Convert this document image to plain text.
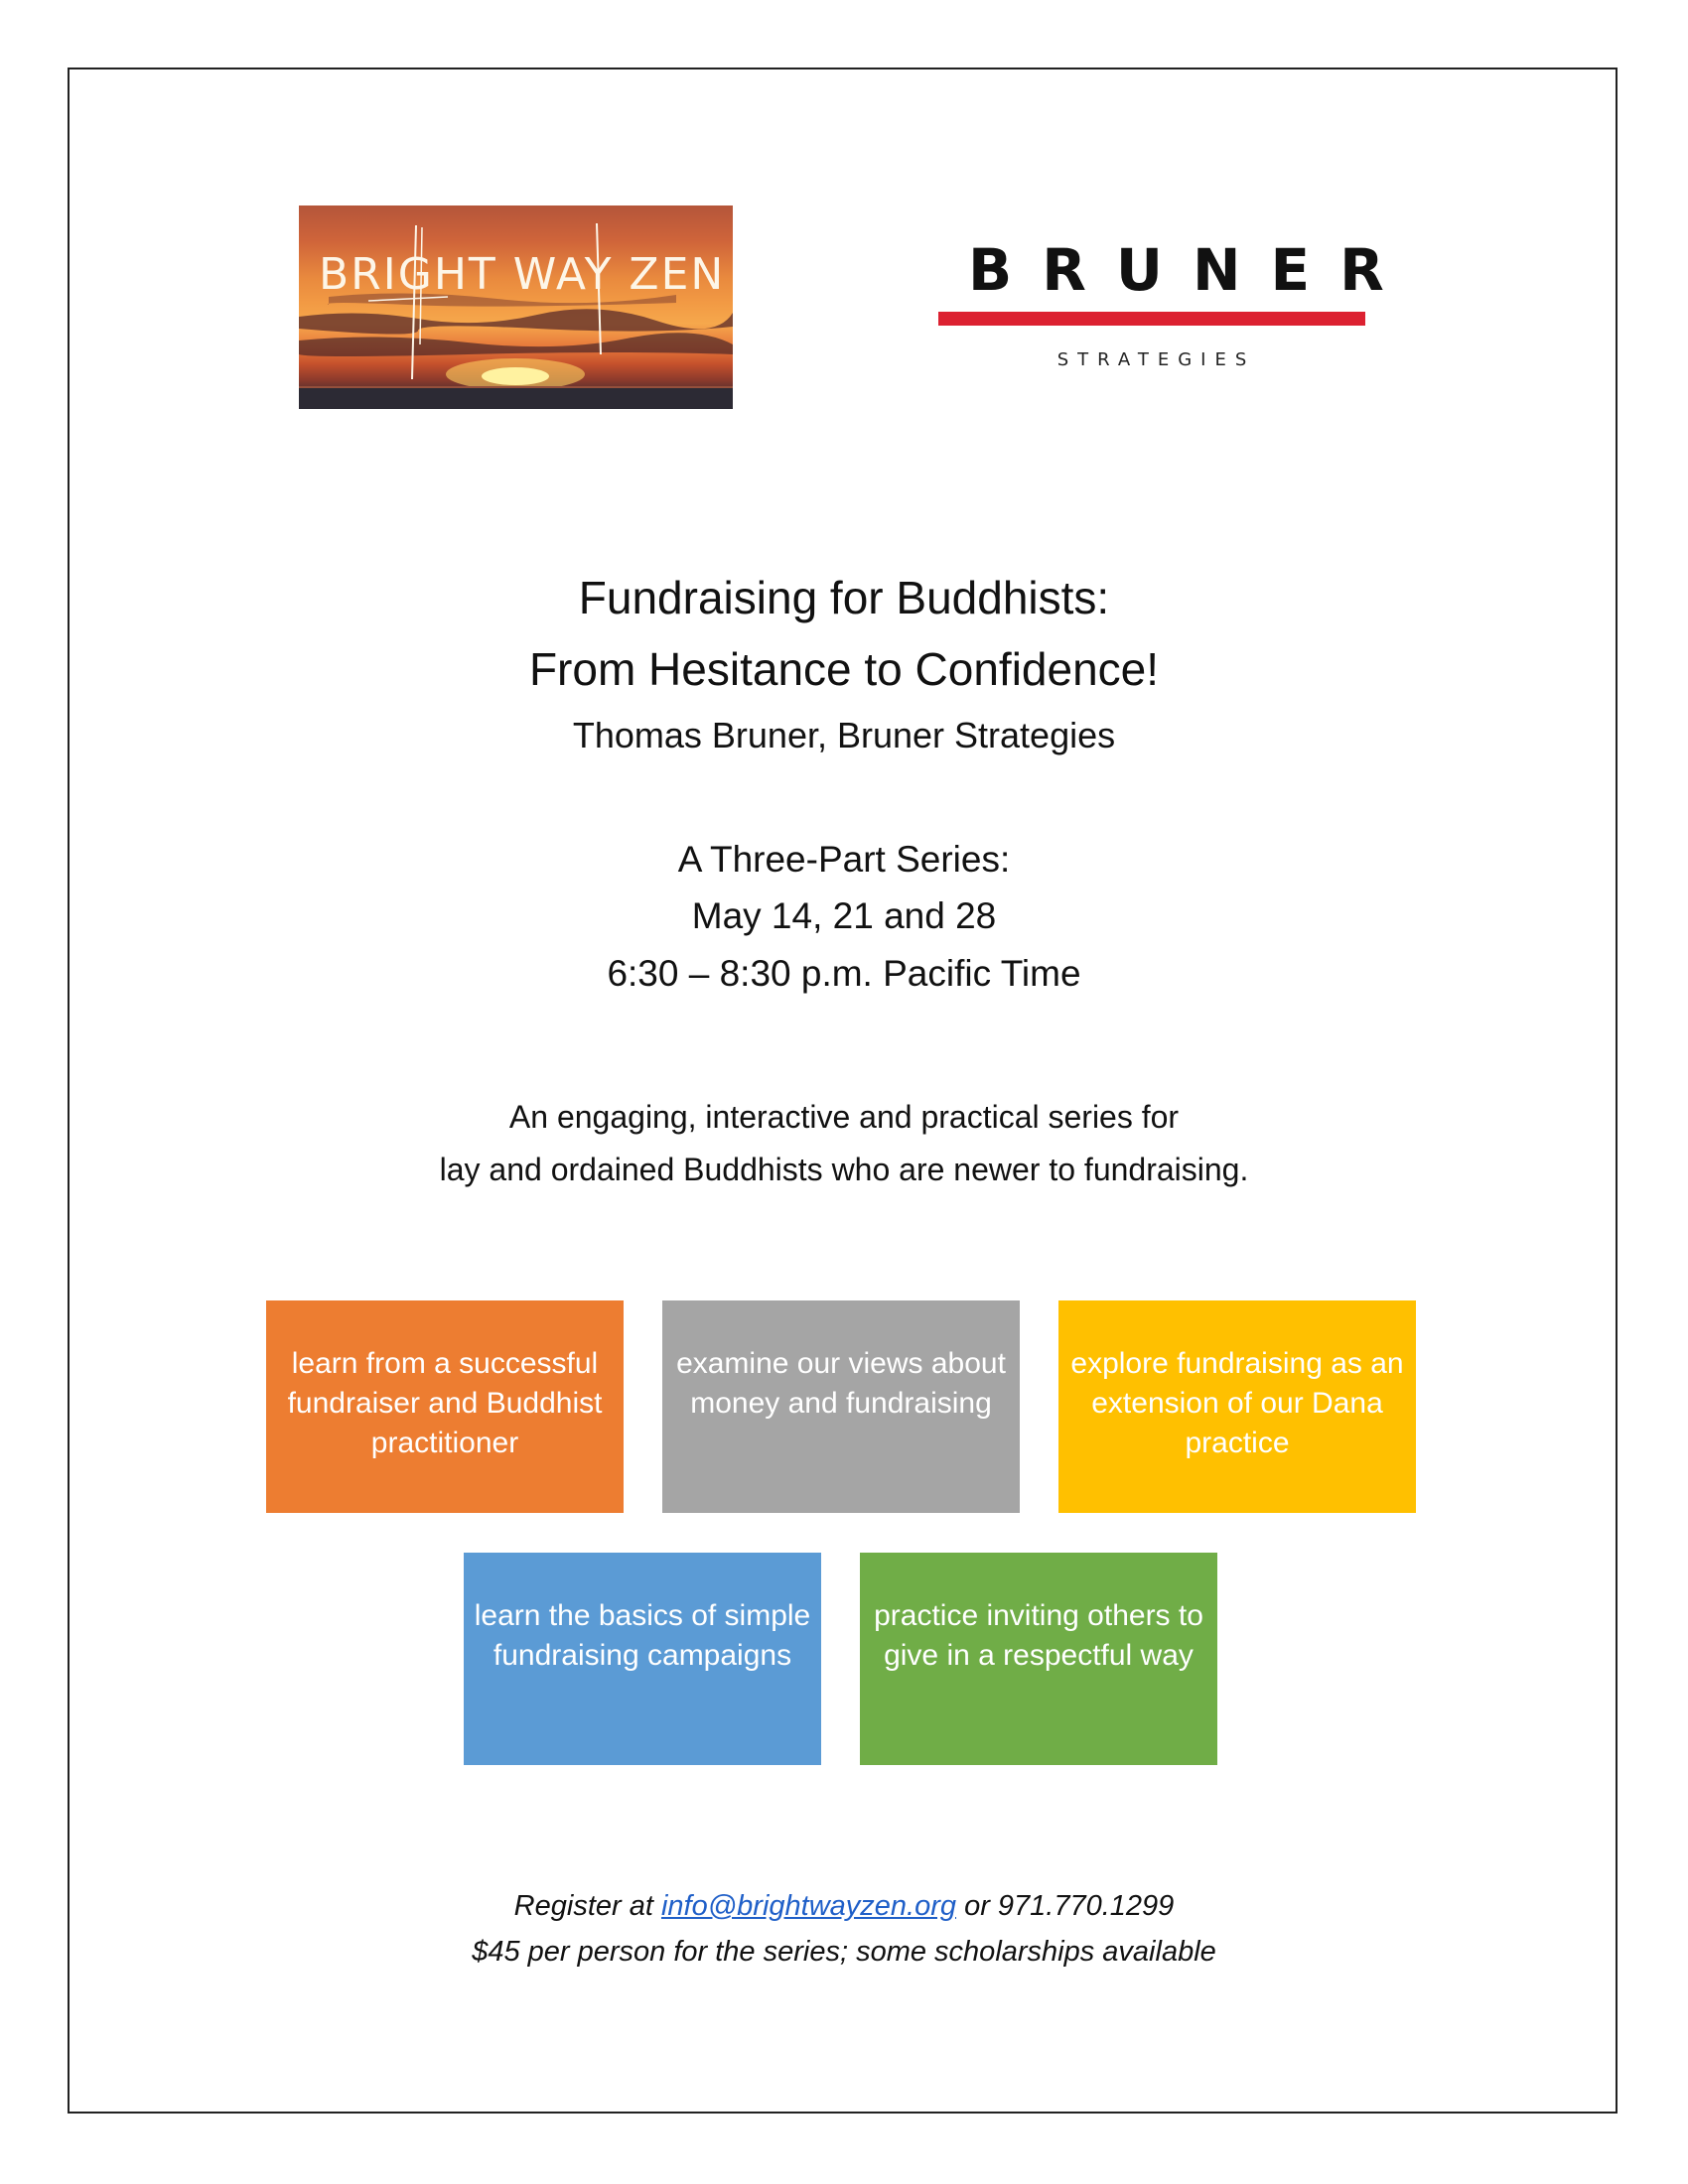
BRIGHT WAY ZEN	BRUNER
STRATEGIES
Fundraising for Buddhists:
From Hesitance to Confidence!
Thomas Bruner, Bruner Strategies
A Three-Part Series:
May 14, 21 and 28
6:30 – 8:30 p.m. Pacific Time
An engaging, interactive and practical series for
lay and ordained Buddhists who are newer to fundraising.
learn from a successful fundraiser and Buddhist practitioner
examine our views about money and fundraising
explore fundraising as an extension of our Dana practice
learn the basics of simple fundraising campaigns
practice inviting others to give in a respectful way
Register at info@brightwayzen.org or 971.770.1299
$45 per person for the series; some scholarships available
